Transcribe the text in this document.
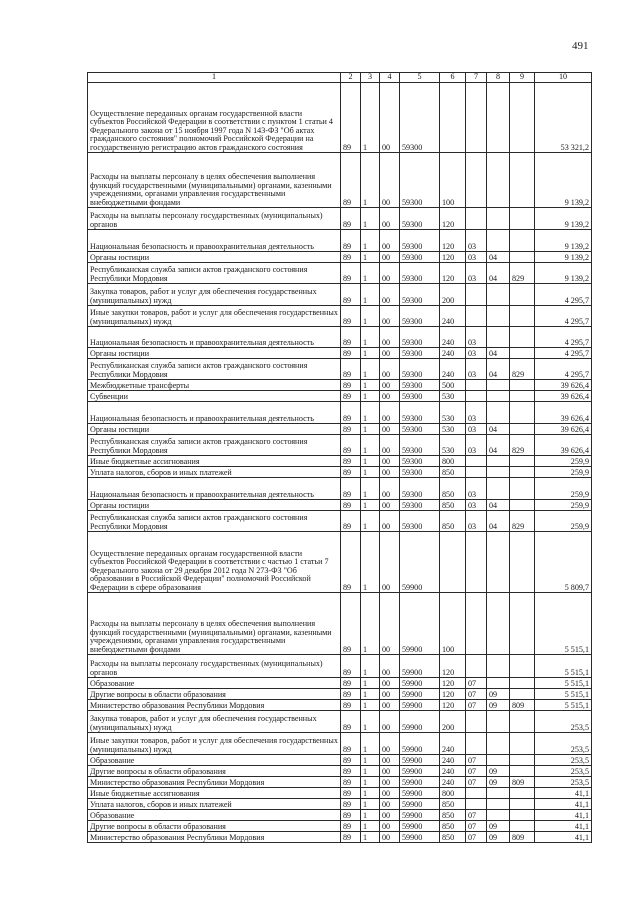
491
1	2	3	4	5	6	7	8	9	10
Осуществление переданных органам государственной власти субъектов Российской Федерации в соответствии с пунктом 1 статьи 4 Федерального закона от 15 ноября 1997 года N 143-ФЗ "Об актах гражданского состояния" полномочий Российской Федерации на государственную регистрацию актов гражданского состояния	89	1	00	59300					53 321,2
Расходы на выплаты персоналу в целях обеспечения выполнения функций государственными (муниципальными) органами, казенными учреждениями, органами управления государственными внебюджетными фондами	89	1	00	59300	100				9 139,2
Расходы на выплаты персоналу государственных (муниципальных) органов	89	1	00	59300	120				9 139,2
Национальная безопасность и правоохранительная деятельность	89	1	00	59300	120	03			9 139,2
Органы юстиции	89	1	00	59300	120	03	04		9 139,2
Республиканская служба записи актов гражданского состояния Республики Мордовия	89	1	00	59300	120	03	04	829	9 139,2
Закупка товаров, работ и услуг для обеспечения государственных (муниципальных) нужд	89	1	00	59300	200				4 295,7
Иные закупки товаров, работ и услуг для обеспечения государственных (муниципальных) нужд	89	1	00	59300	240				4 295,7
Национальная безопасность и правоохранительная деятельность	89	1	00	59300	240	03			4 295,7
Органы юстиции	89	1	00	59300	240	03	04		4 295,7
Республиканская служба записи актов гражданского состояния Республики Мордовия	89	1	00	59300	240	03	04	829	4 295,7
Межбюджетные трансферты	89	1	00	59300	500				39 626,4
Субвенции	89	1	00	59300	530				39 626,4
Национальная безопасность и правоохранительная деятельность	89	1	00	59300	530	03			39 626,4
Органы юстиции	89	1	00	59300	530	03	04		39 626,4
Республиканская служба записи актов гражданского состояния Республики Мордовия	89	1	00	59300	530	03	04	829	39 626,4
Иные бюджетные ассигнования	89	1	00	59300	800				259,9
Уплата налогов, сборов и иных платежей	89	1	00	59300	850				259,9
Национальная безопасность и правоохранительная деятельность	89	1	00	59300	850	03			259,9
Органы юстиции	89	1	00	59300	850	03	04		259,9
Республиканская служба записи актов гражданского состояния Республики Мордовия	89	1	00	59300	850	03	04	829	259,9
Осуществление переданных органам государственной власти субъектов Российской Федерации в соответствии с частью 1 статьи 7 Федерального закона от 29 декабря 2012 года N 273-ФЗ "Об образовании в Российской Федерации" полномочий Российской Федерации в сфере образования	89	1	00	59900					5 809,7
Расходы на выплаты персоналу в целях обеспечения выполнения функций государственными (муниципальными) органами, казенными учреждениями, органами управления государственными внебюджетными фондами	89	1	00	59900	100				5 515,1
Расходы на выплаты персоналу государственных (муниципальных) органов	89	1	00	59900	120				5 515,1
Образование	89	1	00	59900	120	07			5 515,1
Другие вопросы в области образования	89	1	00	59900	120	07	09		5 515,1
Министерство образования Республики Мордовия	89	1	00	59900	120	07	09	809	5 515,1
Закупка товаров, работ и услуг для обеспечения государственных (муниципальных) нужд	89	1	00	59900	200				253,5
Иные закупки товаров, работ и услуг для обеспечения государственных (муниципальных) нужд	89	1	00	59900	240				253,5
Образование	89	1	00	59900	240	07			253,5
Другие вопросы в области образования	89	1	00	59900	240	07	09		253,5
Министерство образования Республики Мордовия	89	1	00	59900	240	07	09	809	253,5
Иные бюджетные ассигнования	89	1	00	59900	800				41,1
Уплата налогов, сборов и иных платежей	89	1	00	59900	850				41,1
Образование	89	1	00	59900	850	07			41,1
Другие вопросы в области образования	89	1	00	59900	850	07	09		41,1
Министерство образования Республики Мордовия	89	1	00	59900	850	07	09	809	41,1
